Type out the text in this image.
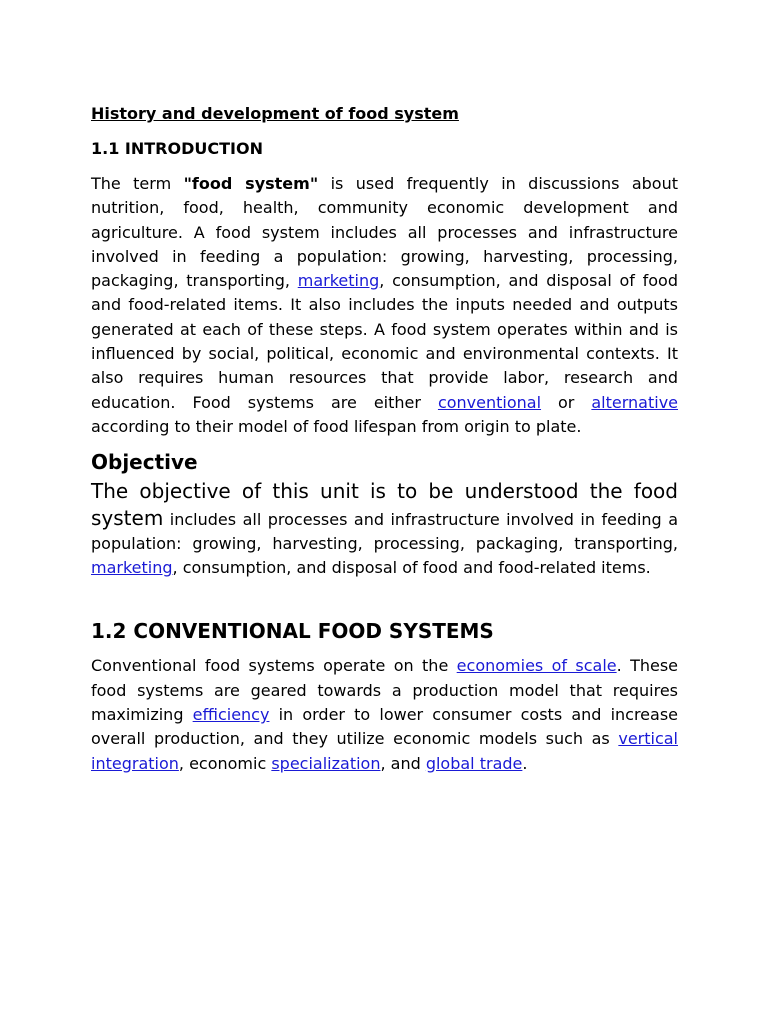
History and development of food system
1.1 INTRODUCTION

The term "food system" is used frequently in discussions about nutrition, food, health, community economic development and agriculture. A food system includes all processes and infrastructure involved in feeding a population: growing, harvesting, processing, packaging, transporting, marketing, consumption, and disposal of food and food-related items. It also includes the inputs needed and outputs generated at each of these steps. A food system operates within and is influenced by social, political, economic and environmental contexts. It also requires human resources that provide labor, research and education. Food systems are either conventional or alternative according to their model of food lifespan from origin to plate.

Objective

The objective of this unit is to be understood the food system includes all processes and infrastructure involved in feeding a population: growing, harvesting, processing, packaging, transporting, marketing, consumption, and disposal of food and food-related items.

1.2 CONVENTIONAL FOOD SYSTEMS

Conventional food systems operate on the economies of scale. These food systems are geared towards a production model that requires maximizing efficiency in order to lower consumer costs and increase overall production, and they utilize economic models such as vertical integration, economic specialization, and global trade.
